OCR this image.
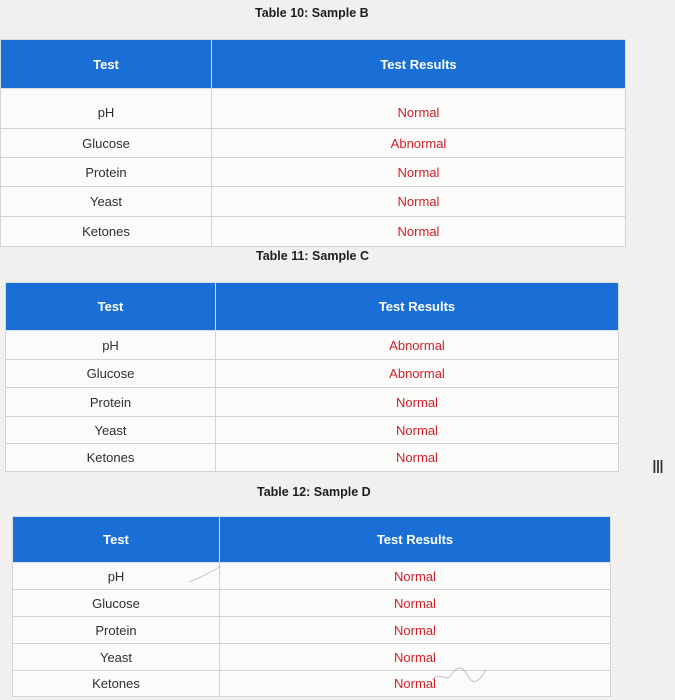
Table 10: Sample B
Test	Test Results
pH	Normal
Glucose	Abnormal
Protein	Normal
Yeast	Normal
Ketones	Normal
Table 11: Sample C
Test	Test Results
pH	Abnormal
Glucose	Abnormal
Protein	Normal
Yeast	Normal
Ketones	Normal
Table 12: Sample D
Test	Test Results
pH	Normal
Glucose	Normal
Protein	Normal
Yeast	Normal
Ketones	Normal
Ⅲ
